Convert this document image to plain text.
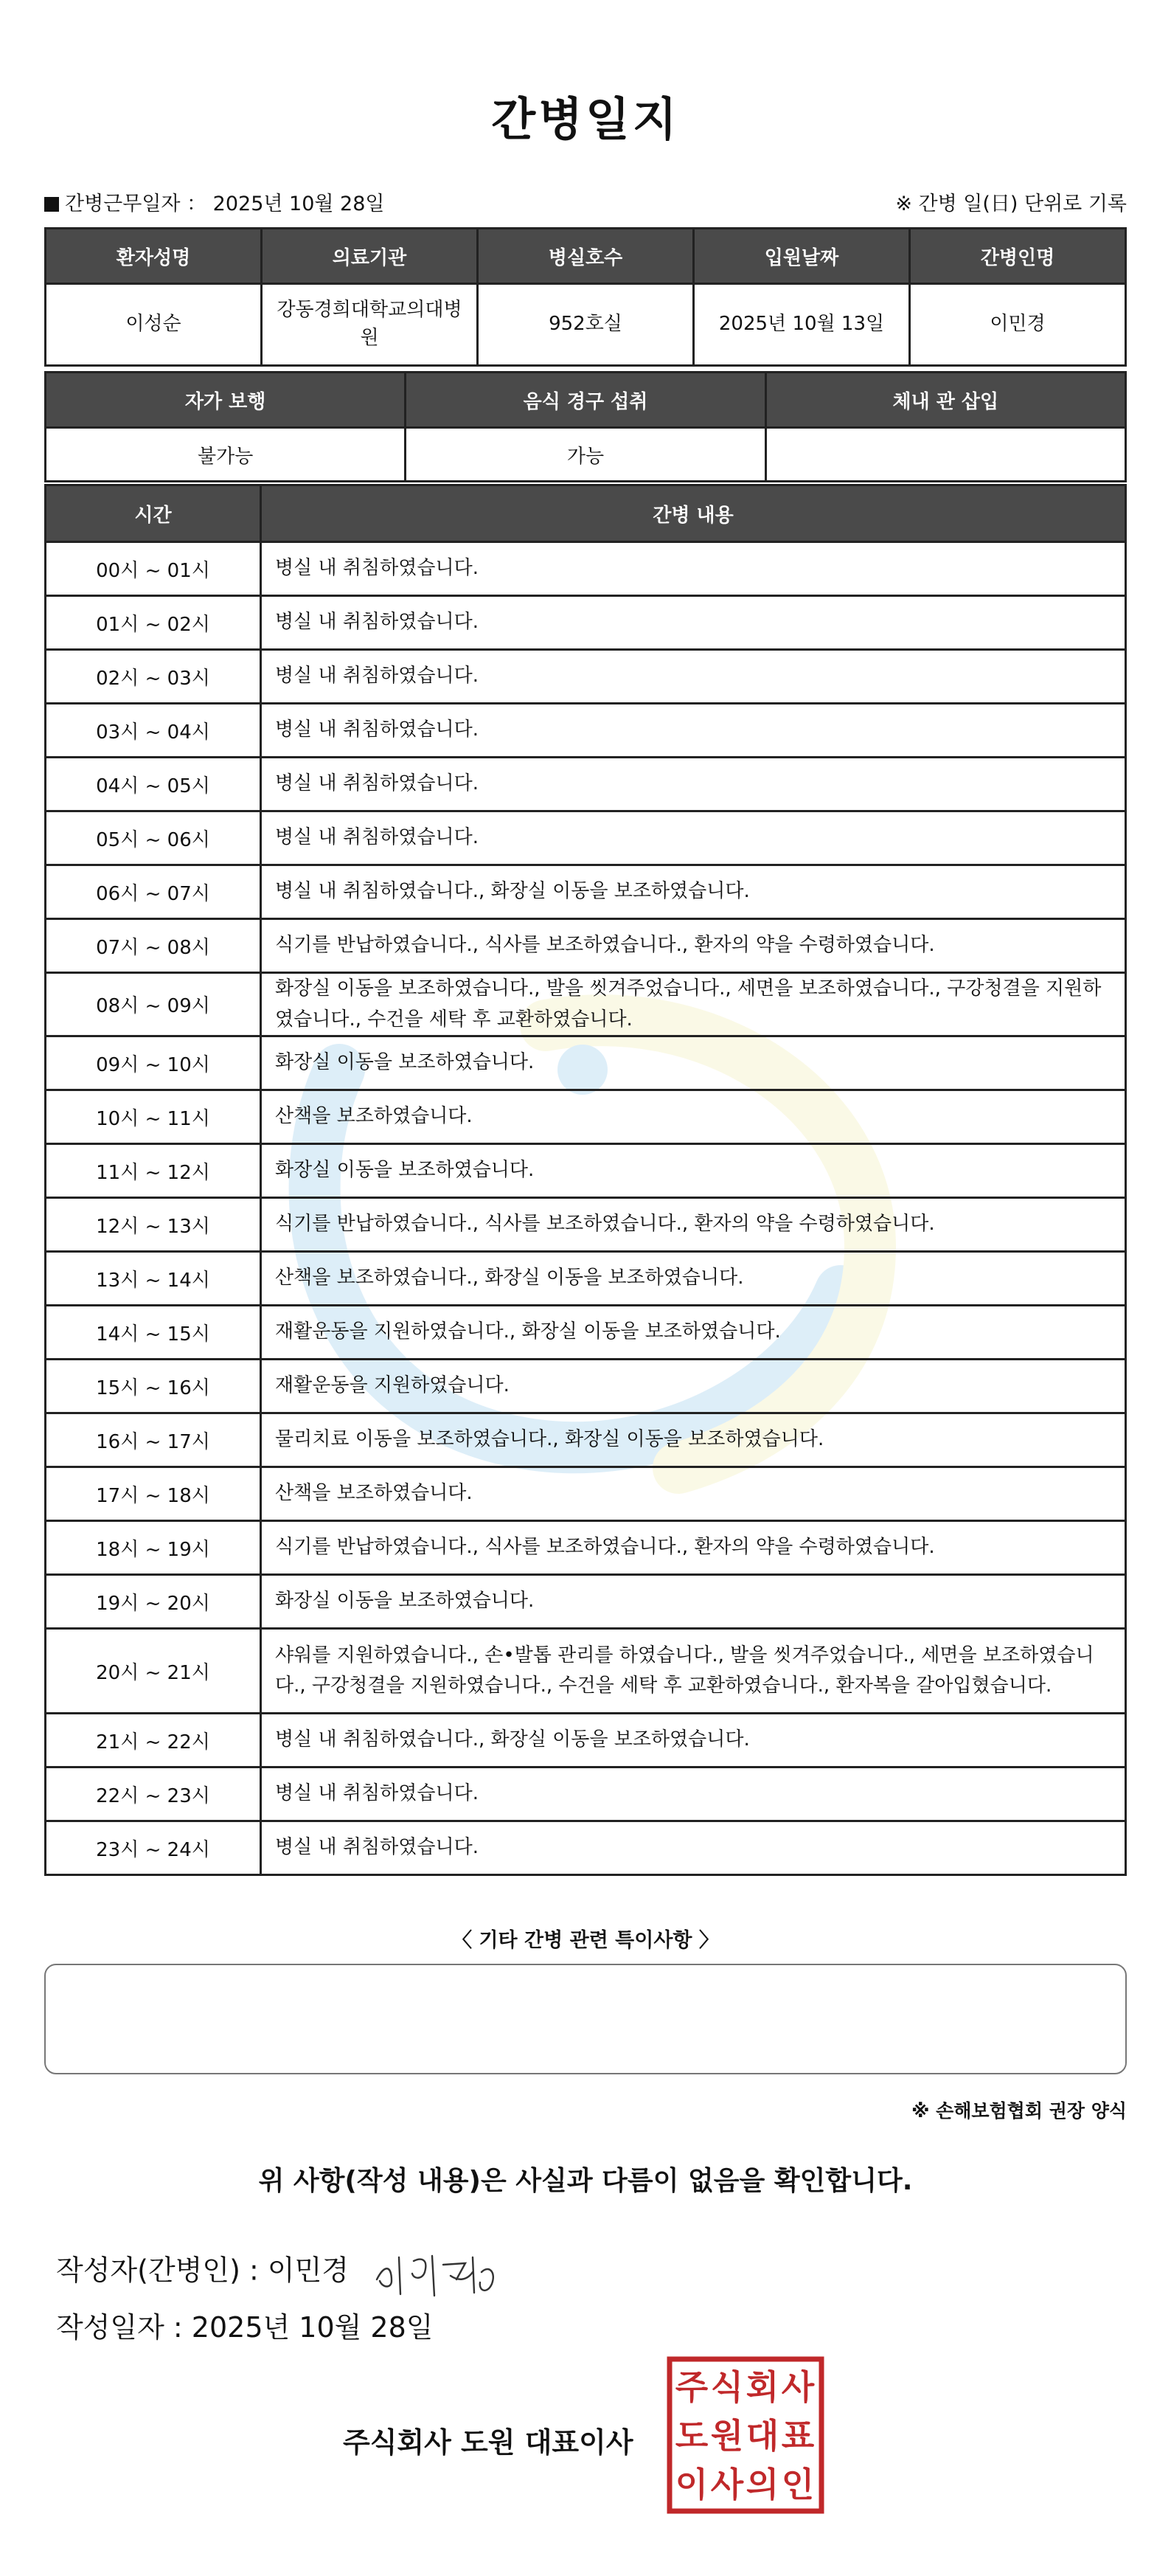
간병일지
간병근무일자 ： 2025년 10월 28일	※ 간병 일(日) 단위로 기록
환자성명	의료기관	병실호수	입원날짜	간병인명
이성순	강동경희대학교의대병원	952호실	2025년 10월 13일	이민경
자가 보행	음식 경구 섭취	체내 관 삽입
불가능	가능	
시간	간병 내용
00시 ~ 01시	병실 내 취침하였습니다.
01시 ~ 02시	병실 내 취침하였습니다.
02시 ~ 03시	병실 내 취침하였습니다.
03시 ~ 04시	병실 내 취침하였습니다.
04시 ~ 05시	병실 내 취침하였습니다.
05시 ~ 06시	병실 내 취침하였습니다.
06시 ~ 07시	병실 내 취침하였습니다., 화장실 이동을 보조하였습니다.
07시 ~ 08시	식기를 반납하였습니다., 식사를 보조하였습니다., 환자의 약을 수령하였습니다.
08시 ~ 09시	화장실 이동을 보조하였습니다., 발을 씻겨주었습니다., 세면을 보조하였습니다., 구강청결을 지원하였습니다., 수건을 세탁 후 교환하였습니다.
09시 ~ 10시	화장실 이동을 보조하였습니다.
10시 ~ 11시	산책을 보조하였습니다.
11시 ~ 12시	화장실 이동을 보조하였습니다.
12시 ~ 13시	식기를 반납하였습니다., 식사를 보조하였습니다., 환자의 약을 수령하였습니다.
13시 ~ 14시	산책을 보조하였습니다., 화장실 이동을 보조하였습니다.
14시 ~ 15시	재활운동을 지원하였습니다., 화장실 이동을 보조하였습니다.
15시 ~ 16시	재활운동을 지원하였습니다.
16시 ~ 17시	물리치료 이동을 보조하였습니다., 화장실 이동을 보조하였습니다.
17시 ~ 18시	산책을 보조하였습니다.
18시 ~ 19시	식기를 반납하였습니다., 식사를 보조하였습니다., 환자의 약을 수령하였습니다.
19시 ~ 20시	화장실 이동을 보조하였습니다.
20시 ~ 21시	샤워를 지원하였습니다., 손•발톱 관리를 하였습니다., 발을 씻겨주었습니다., 세면을 보조하였습니다., 구강청결을 지원하였습니다., 수건을 세탁 후 교환하였습니다., 환자복을 갈아입혔습니다.
21시 ~ 22시	병실 내 취침하였습니다., 화장실 이동을 보조하였습니다.
22시 ~ 23시	병실 내 취침하였습니다.
23시 ~ 24시	병실 내 취침하였습니다.
〈 기타 간병 관련 특이사항 〉
※ 손해보험협회 권장 양식
위 사항(작성 내용)은 사실과 다름이 없음을 확인합니다.
작성자(간병인) : 이민경
작성일자 : 2025년 10월 28일
주식회사 도원 대표이사
주 식 회 사
도 원 대 표
이 사 의 인
